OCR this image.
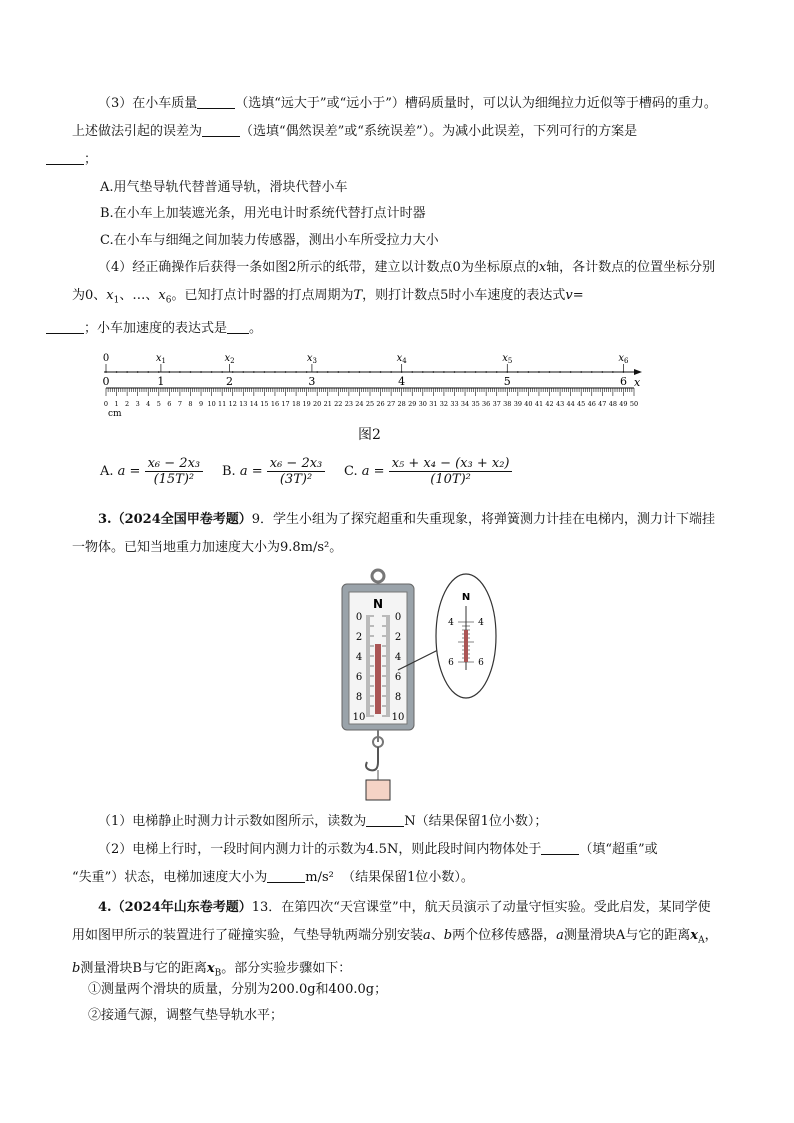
（3）在小车质量	（选填“远大于”或“远小于”）槽码质量时，可以认为细绳拉力近似等于槽码的重力。上述做法引起的误差为	（选填“偶然误差”或“系统误差”）。为减小此误差，下列可行的方案是
；
A.用气垫导轨代替普通导轨，滑块代替小车
B.在小车上加装遮光条，用光电计时系统代替打点计时器
C.在小车与细绳之间加装力传感器，测出小车所受拉力大小
（4）经正确操作后获得一条如图2所示的纸带，建立以计数点0为坐标原点的x轴，各计数点的位置坐标分别为0、$x_1$、…、$x_6$。已知打点计时器的打点周期为T，则打计数点5时小车速度的表达式v=
；小车加速度的表达式是 。
0	$x_1$	$x_2$	$x_3$	$x_4$	$x_5$	$x_6$
0	1	2	3	4	5	6 x
0 1 2 3 4 5 6 7 8 9 10 11 12 13 14 15 16 17 18 19 20 21 22 23 24 25 26 27 28 29 30 31 32 33 34 35 36 37 38 39 40 41 42 43 44 45 46 47 48 49 50
cm
图2
A. $a = \frac{\text{x₆ − 2x₃}}{\text{(15T)²}} B$. $a = \frac{\text{x₆ − 2x₃}}{\text{(3T)²}} C$. $a = \frac{\text{x₅ + x₄ − (x₃ + x₂)}}{\text{(10T)²}}$
3.（2024全国甲卷考题）9．学生小组为了探究超重和失重现象，将弹簧测力计挂在电梯内，测力计下端挂一物体。已知当地重力加速度大小为9.8m/s²。
N
0	0
2	2
4	4
6	6
8	8
10	10
N
4	4
6	6
（1）电梯静止时测力计示数如图所示，读数为	N（结果保留1位小数）；
（2）电梯上行时，一段时间内测力计的示数为4.5N，则此段时间内物体处于	（填“超重”或
“失重”）状态，电梯加速度大小为	m/s² （结果保留1位小数）。
4.（2024年山东卷考题）13．在第四次“天宫课堂”中，航天员演示了动量守恒实验。受此启发，某同学使用如图甲所示的装置进行了碰撞实验，气垫导轨两端分别安装a、b两个位移传感器，a测量滑块A与它的距离$x_A$，b测量滑块B与它的距离$x_B$。部分实验步骤如下：
①测量两个滑块的质量，分别为200.0g和400.0g；
②接通气源，调整气垫导轨水平；
